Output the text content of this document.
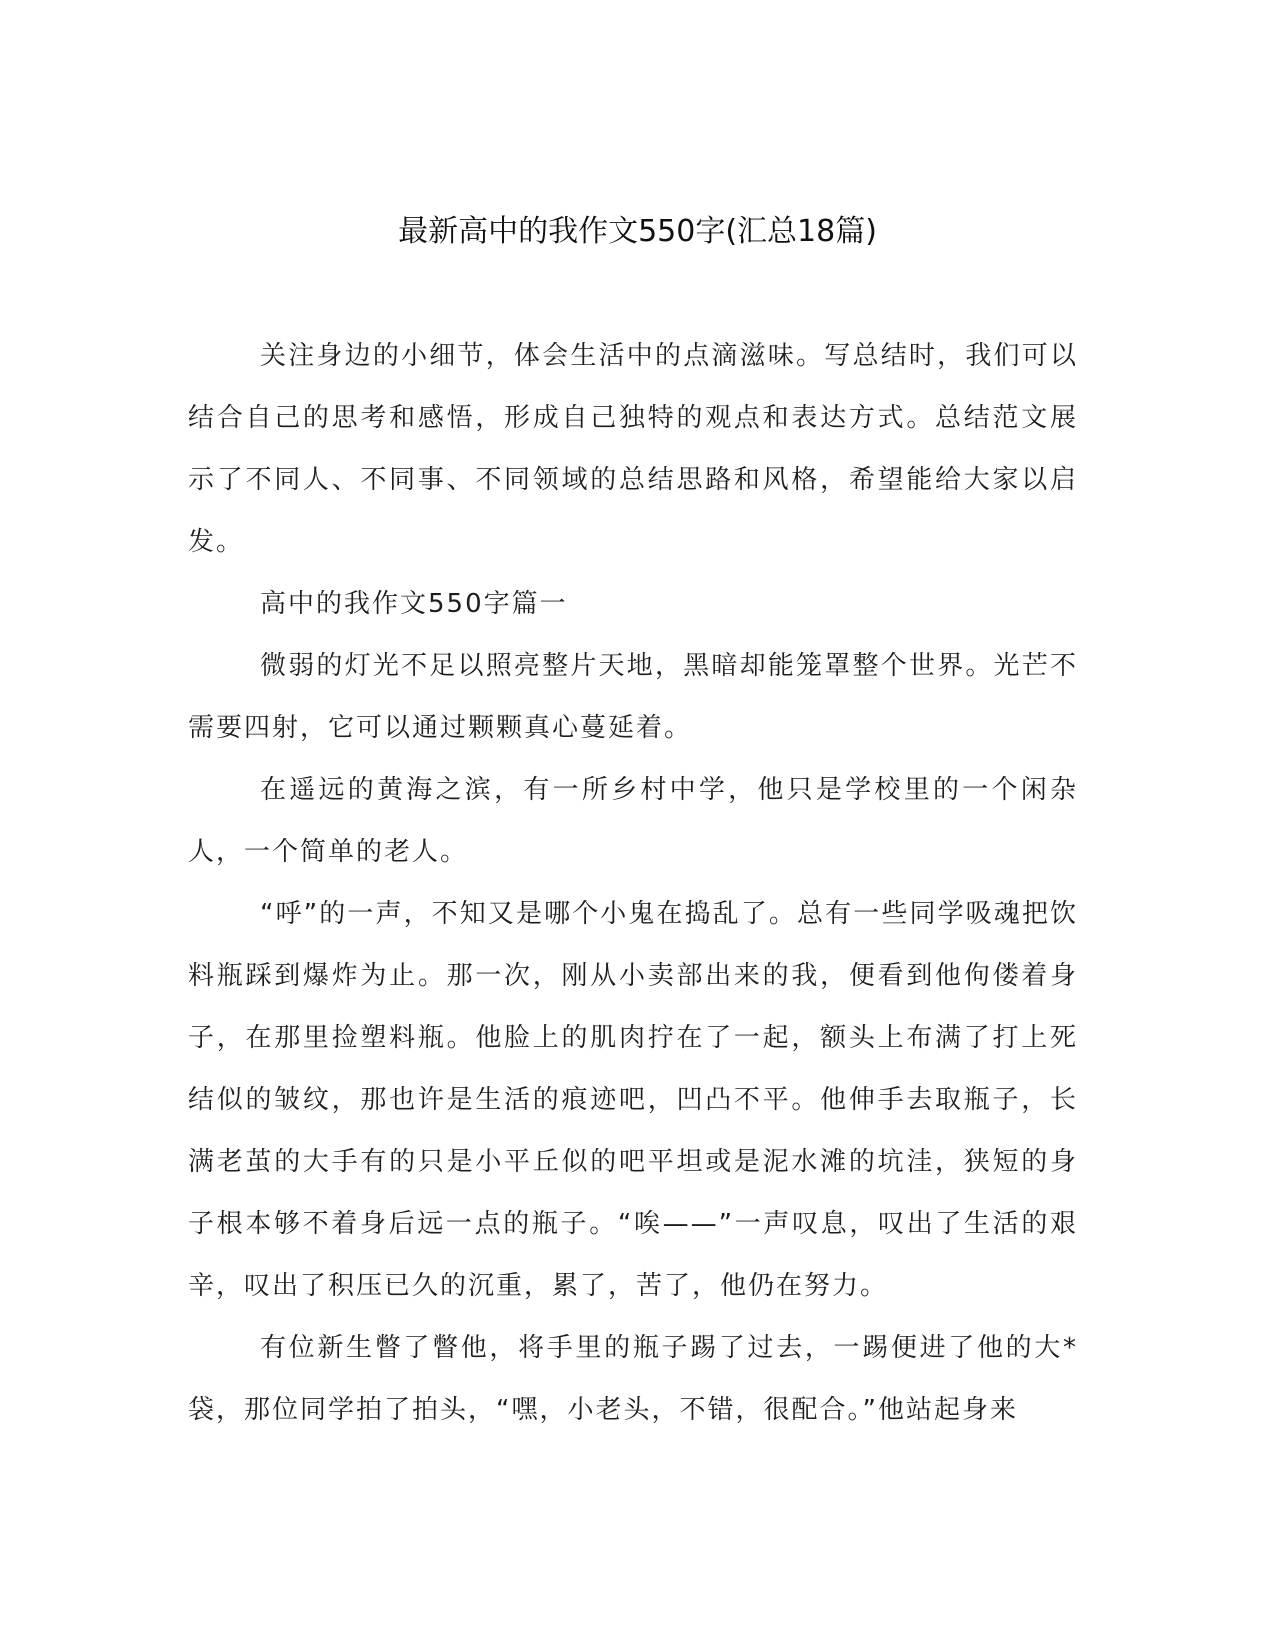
最新高中的我作文550字(汇总18篇)

关注身边的小细节，体会生活中的点滴滋味。写总结时，我们可以结合自己的思考和感悟，形成自己独特的观点和表达方式。总结范文展示了不同人、不同事、不同领域的总结思路和风格，希望能给大家以启发。

高中的我作文550字篇一

微弱的灯光不足以照亮整片天地，黑暗却能笼罩整个世界。光芒不需要四射，它可以通过颗颗真心蔓延着。

在遥远的黄海之滨，有一所乡村中学，他只是学校里的一个闲杂人，一个简单的老人。

“呼”的一声，不知又是哪个小鬼在捣乱了。总有一些同学吸魂把饮料瓶踩到爆炸为止。那一次，刚从小卖部出来的我，便看到他佝偻着身子，在那里捡塑料瓶。他脸上的肌肉拧在了一起，额头上布满了打上死结似的皱纹，那也许是生活的痕迹吧，凹凸不平。他伸手去取瓶子，长满老茧的大手有的只是小平丘似的吧平坦或是泥水滩的坑洼，狭短的身子根本够不着身后远一点的瓶子。“唉——”一声叹息，叹出了生活的艰辛，叹出了积压已久的沉重，累了，苦了，他仍在努力。

有位新生瞥了瞥他，将手里的瓶子踢了过去，一踢便进了他的大*袋，那位同学拍了拍头，“嘿，小老头，不错，很配合。”他站起身来
